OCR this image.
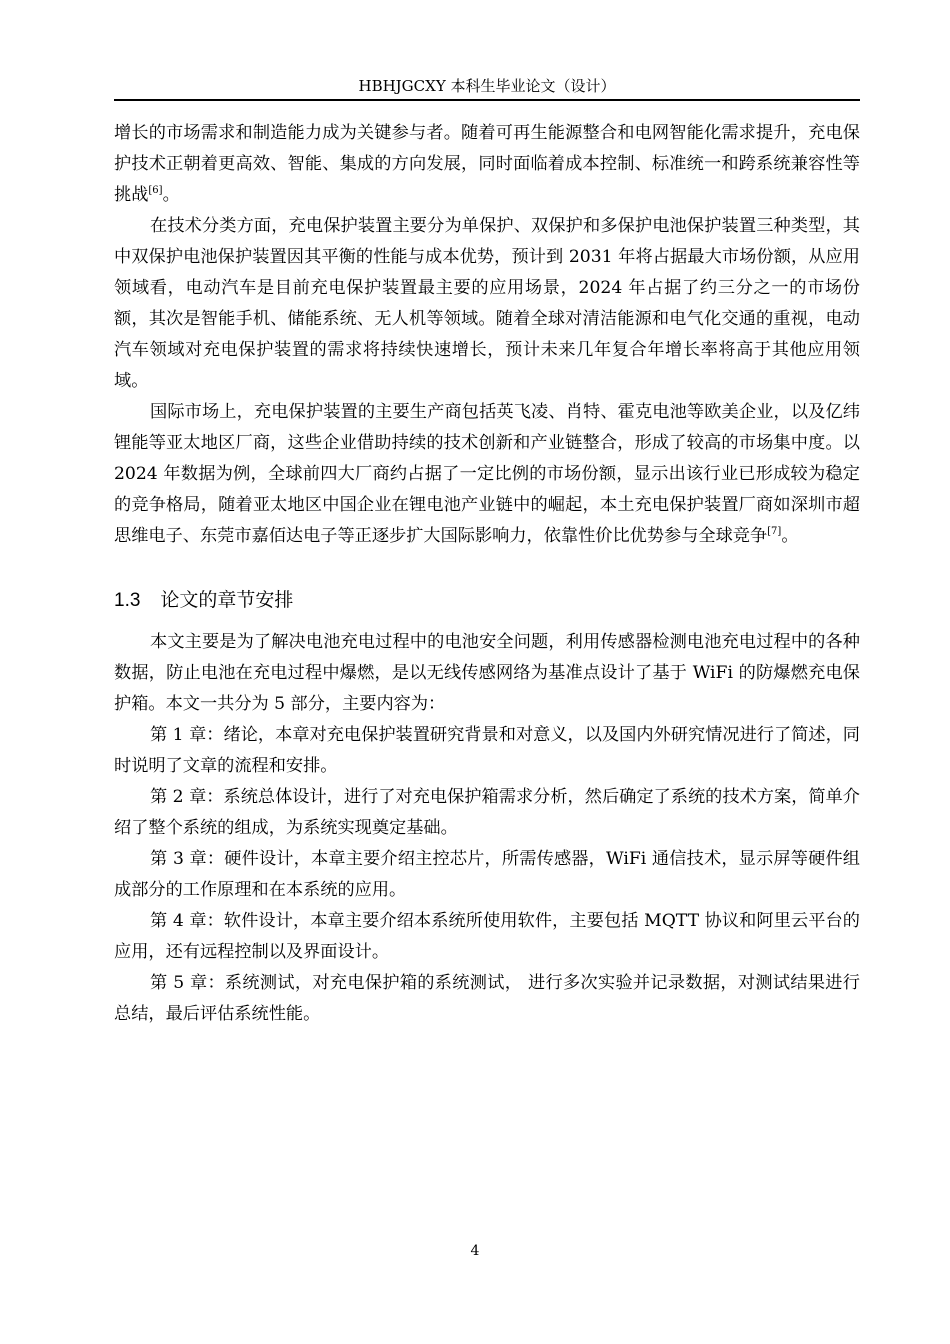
HBHJGCXY 本科生毕业论文（设计）

增长的市场需求和制造能力成为关键参与者。随着可再生能源整合和电网智能化需求提升，充电保护技术正朝着更高效、智能、集成的方向发展，同时面临着成本控制、标准统一和跨系统兼容性等挑战[6]。

在技术分类方面，充电保护装置主要分为单保护、双保护和多保护电池保护装置三种类型，其中双保护电池保护装置因其平衡的性能与成本优势，预计到 2031 年将占据最大市场份额，从应用领域看，电动汽车是目前充电保护装置最主要的应用场景，2024 年占据了约三分之一的市场份额，其次是智能手机、储能系统、无人机等领域。随着全球对清洁能源和电气化交通的重视，电动汽车领域对充电保护装置的需求将持续快速增长，预计未来几年复合年增长率将高于其他应用领域。

国际市场上，充电保护装置的主要生产商包括英飞凌、肖特、霍克电池等欧美企业，以及亿纬锂能等亚太地区厂商，这些企业借助持续的技术创新和产业链整合，形成了较高的市场集中度。以 2024 年数据为例，全球前四大厂商约占据了一定比例的市场份额，显示出该行业已形成较为稳定的竞争格局，随着亚太地区中国企业在锂电池产业链中的崛起，本土充电保护装置厂商如深圳市超思维电子、东莞市嘉佰达电子等正逐步扩大国际影响力，依靠性价比优势参与全球竞争[7]。

1.3 论文的章节安排

本文主要是为了解决电池充电过程中的电池安全问题，利用传感器检测电池充电过程中的各种数据，防止电池在充电过程中爆燃，是以无线传感网络为基准点设计了基于 WiFi 的防爆燃充电保护箱。本文一共分为 5 部分，主要内容为：

第 1 章：绪论，本章对充电保护装置研究背景和对意义，以及国内外研究情况进行了简述，同时说明了文章的流程和安排。

第 2 章：系统总体设计，进行了对充电保护箱需求分析，然后确定了系统的技术方案，简单介绍了整个系统的组成，为系统实现奠定基础。

第 3 章：硬件设计，本章主要介绍主控芯片，所需传感器，WiFi 通信技术，显示屏等硬件组成部分的工作原理和在本系统的应用。

第 4 章：软件设计，本章主要介绍本系统所使用软件，主要包括 MQTT 协议和阿里云平台的应用，还有远程控制以及界面设计。

第 5 章：系统测试，对充电保护箱的系统测试， 进行多次实验并记录数据，对测试结果进行总结，最后评估系统性能。

4
